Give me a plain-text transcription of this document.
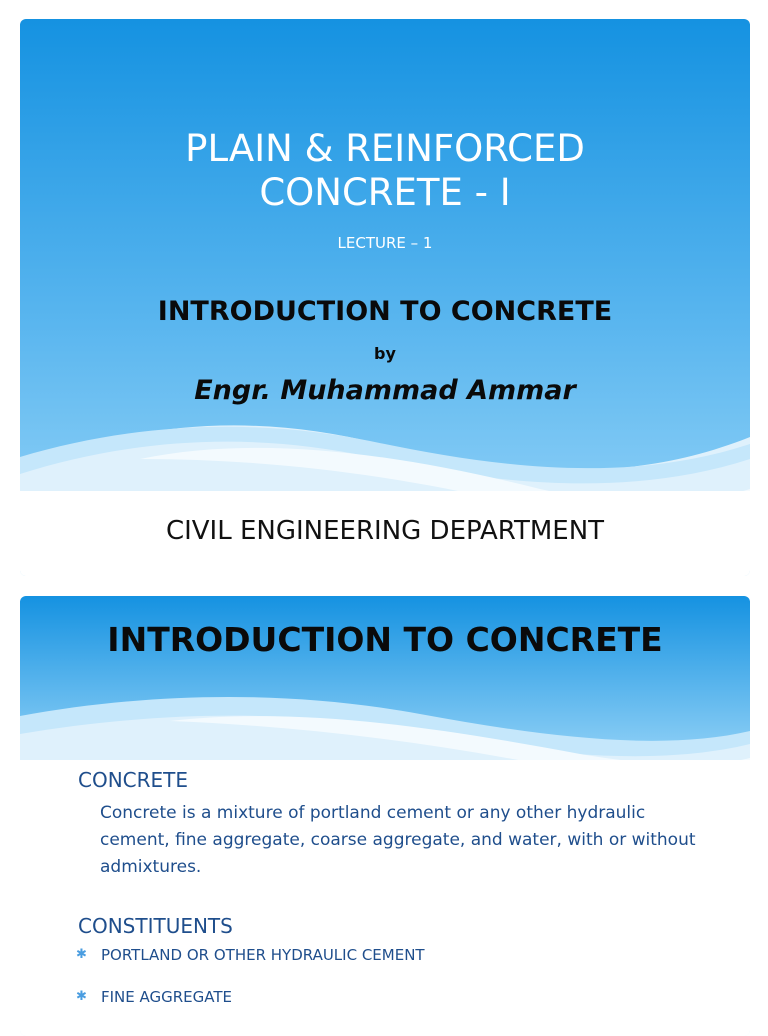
PLAIN & REINFORCED
CONCRETE - I
LECTURE – 1
INTRODUCTION TO CONCRETE
by
Engr. Muhammad Ammar
CIVIL ENGINEERING DEPARTMENT
INTRODUCTION TO CONCRETE
CONCRETE
Concrete is a mixture of portland cement or any other hydraulic cement, fine aggregate, coarse aggregate, and water, with or without admixtures.
CONSTITUENTS
✱ PORTLAND OR OTHER HYDRAULIC CEMENT
✱ FINE AGGREGATE
